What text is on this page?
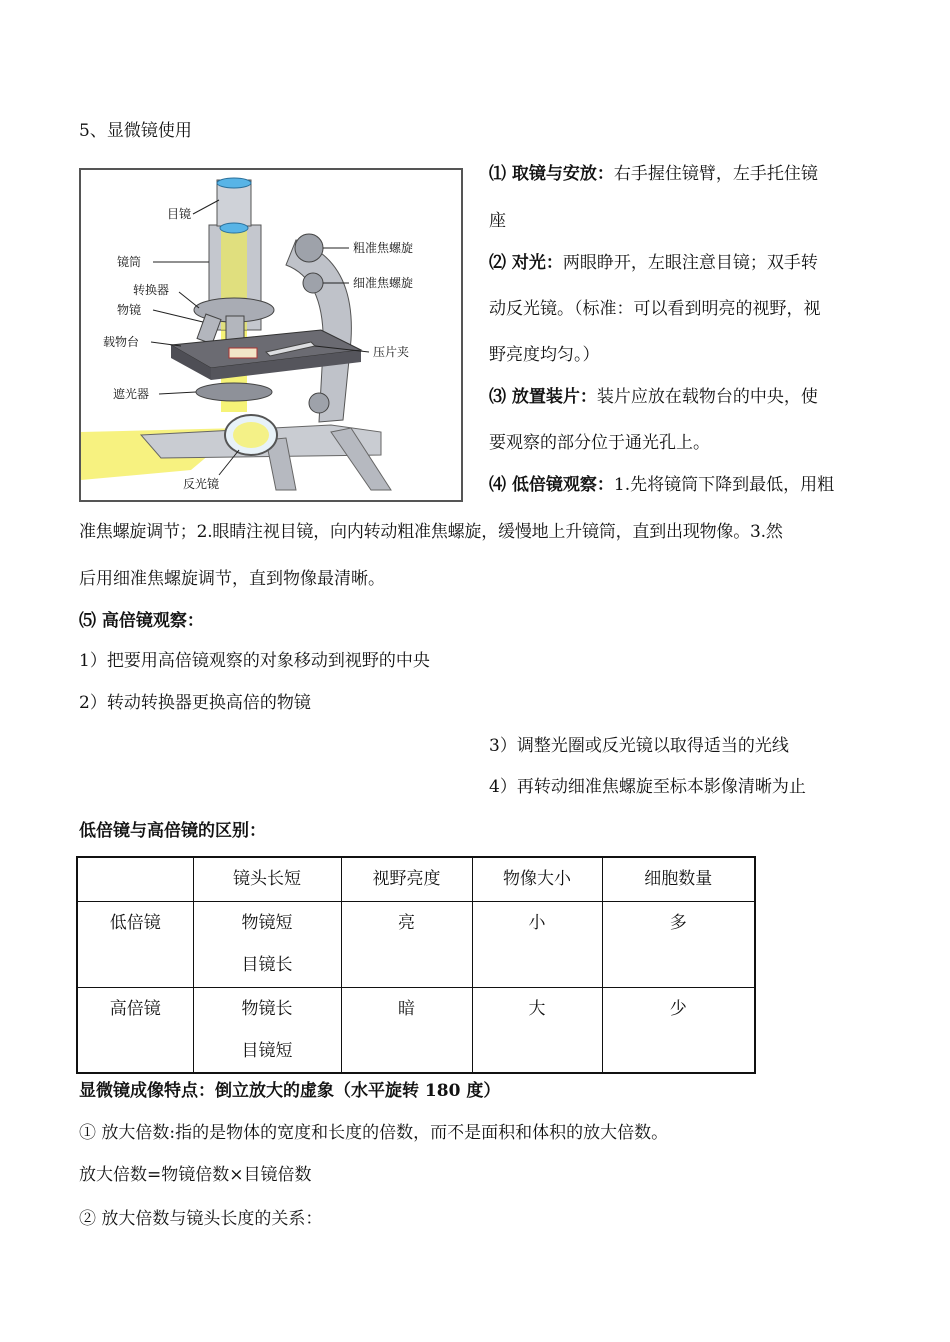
5、显微镜使用
目镜
镜筒
转换器
物镜
载物台
遮光器
反光镜
粗准焦螺旋
细准焦螺旋
压片夹
⑴ 取镜与安放：右手握住镜臂，左手托住镜
座
⑵ 对光：两眼睁开，左眼注意目镜；双手转
动反光镜。（标准：可以看到明亮的视野，视
野亮度均匀。）
⑶ 放置装片：装片应放在载物台的中央，使
要观察的部分位于通光孔上。
⑷ 低倍镜观察：1.先将镜筒下降到最低，用粗
准焦螺旋调节；2.眼睛注视目镜，向内转动粗准焦螺旋，缓慢地上升镜筒，直到出现物像。3.然
后用细准焦螺旋调节，直到物像最清晰。
⑸ 高倍镜观察：
1）把要用高倍镜观察的对象移动到视野的中央
2）转动转换器更换高倍的物镜
3）调整光圈或反光镜以取得适当的光线
4）再转动细准焦螺旋至标本影像清晰为止
低倍镜与高倍镜的区别：
	镜头长短	视野亮度	物像大小	细胞数量
低倍镜	物镜短
目镜长	亮	小	多
高倍镜	物镜长
目镜短	暗	大	少
显微镜成像特点：倒立放大的虚象（水平旋转 180 度）
① 放大倍数:指的是物体的宽度和长度的倍数，而不是面积和体积的放大倍数。
放大倍数=物镜倍数×目镜倍数
② 放大倍数与镜头长度的关系：
